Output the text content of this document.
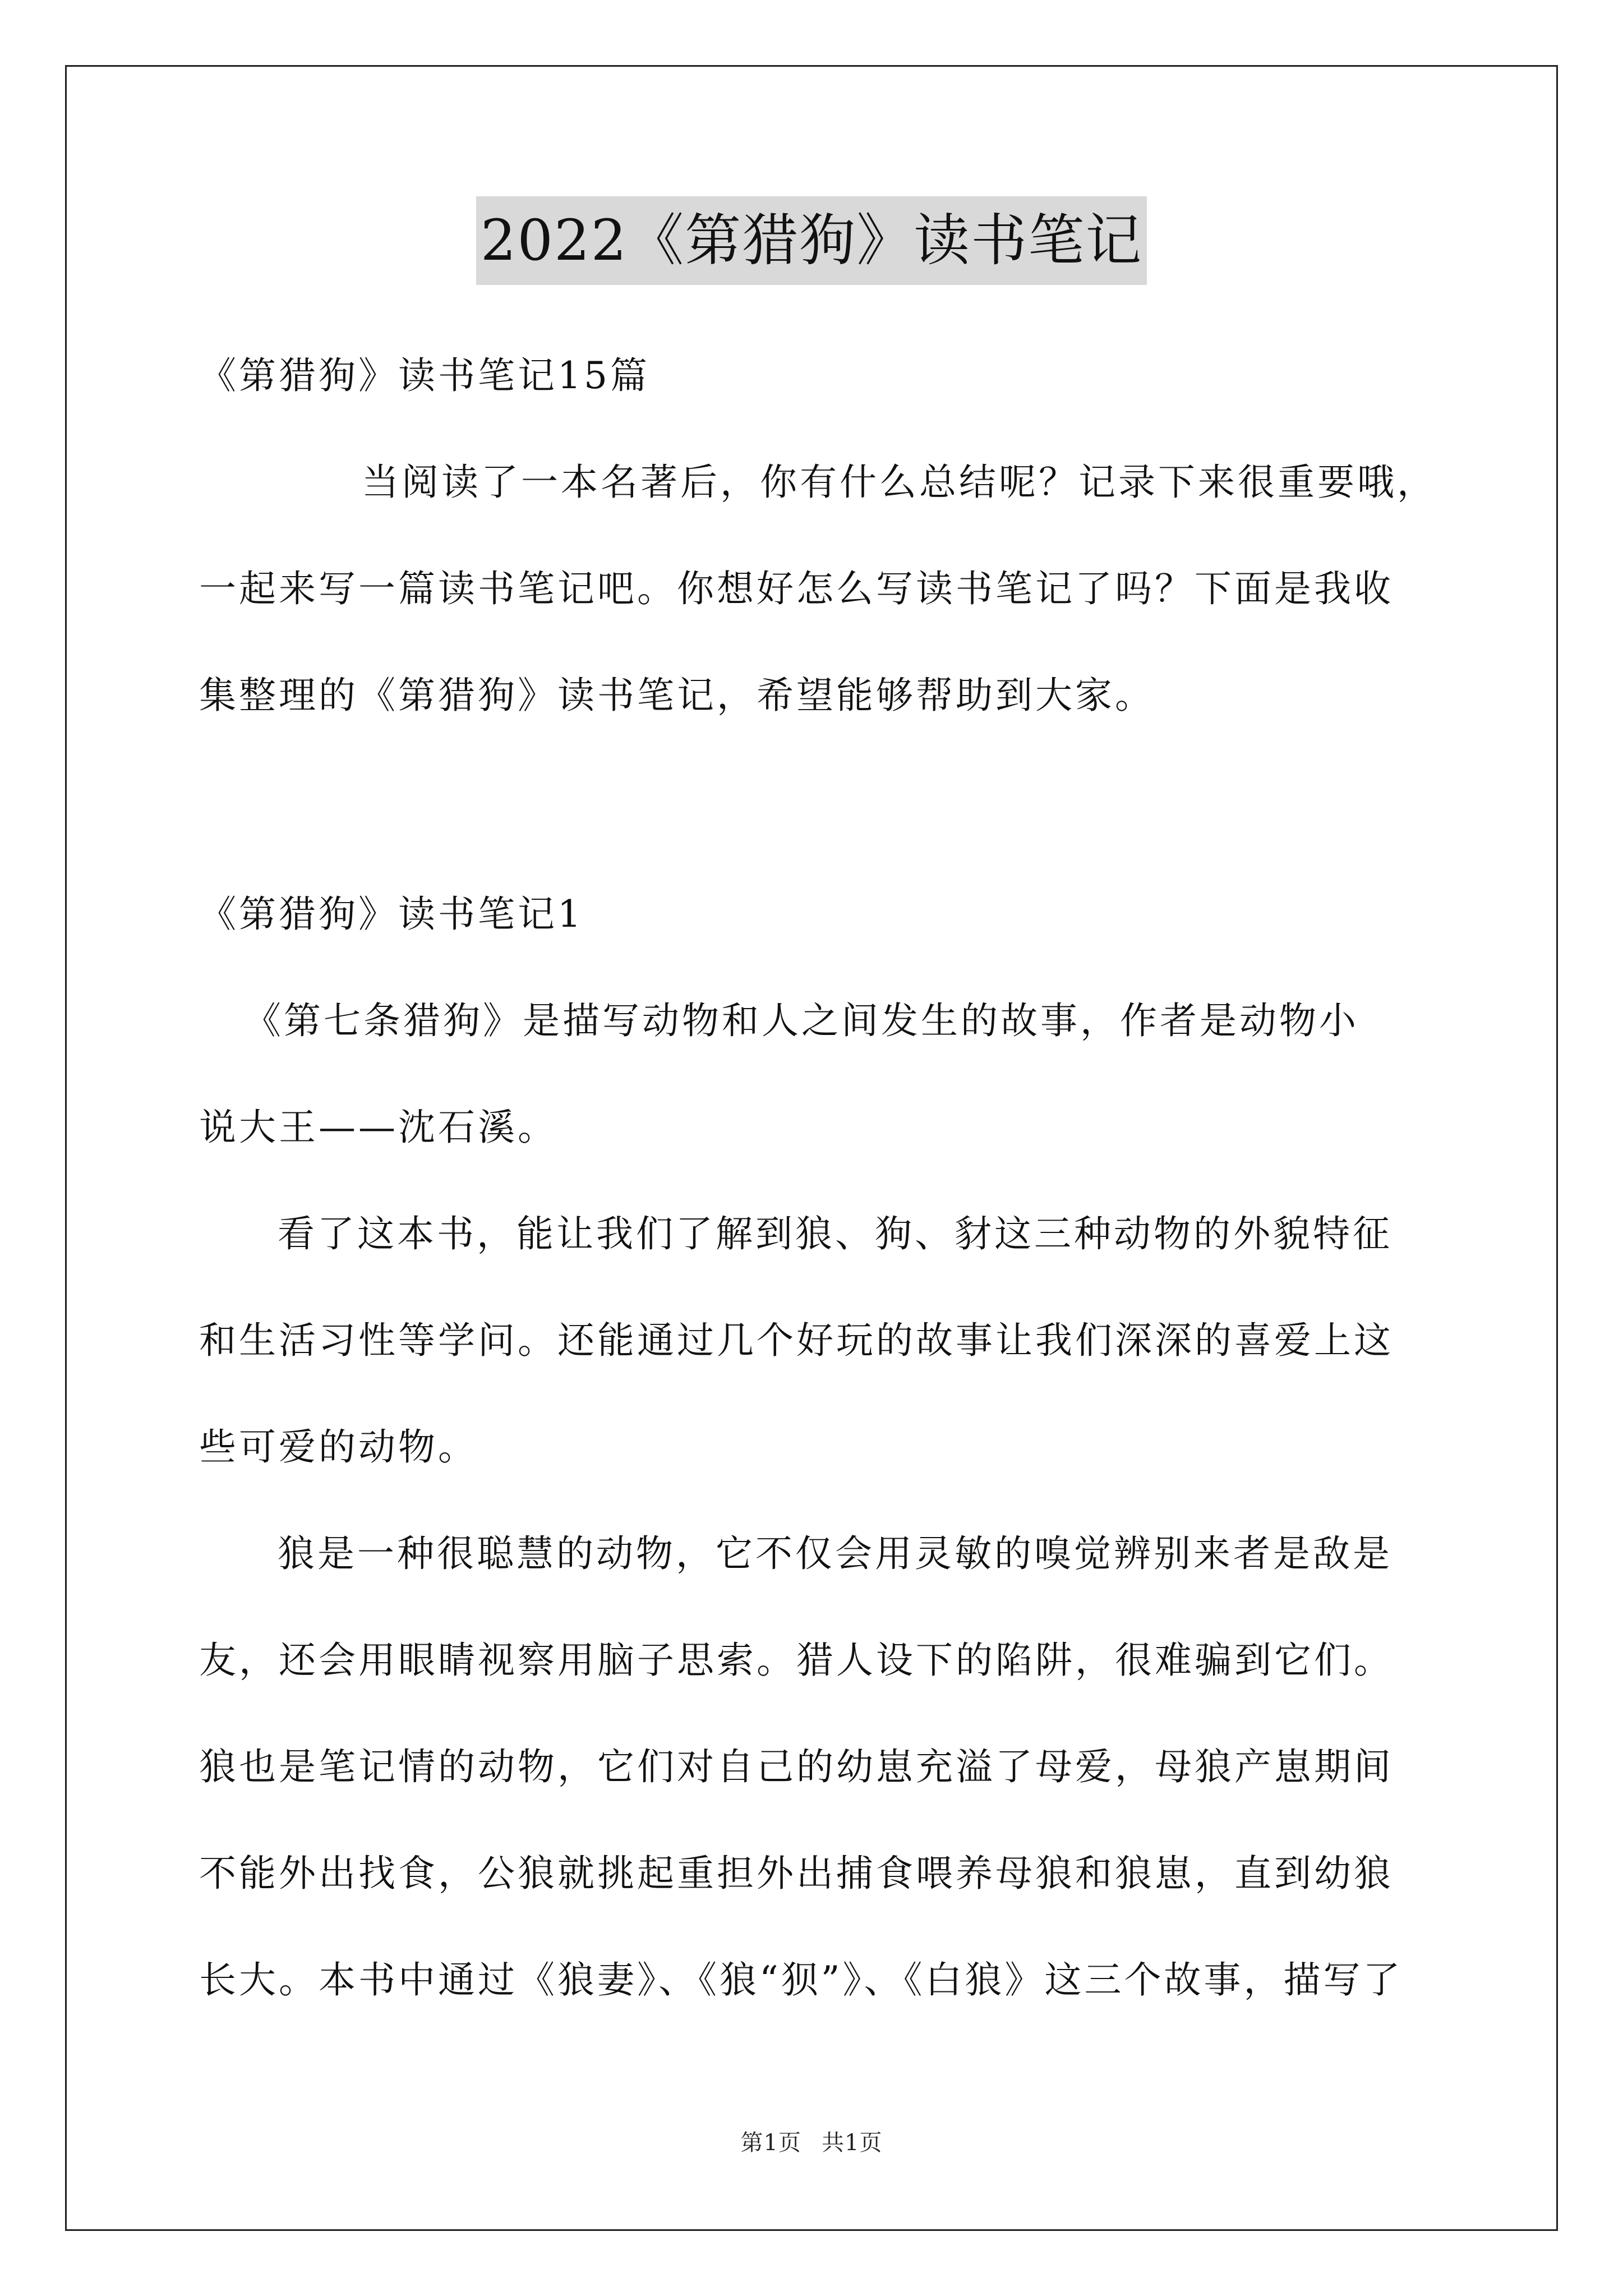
2022《第猎狗》读书笔记
《第猎狗》读书笔记15篇
当阅读了一本名著后，你有什么总结呢？记录下来很重要哦，
一起来写一篇读书笔记吧。你想好怎么写读书笔记了吗？下面是我收
集整理的《第猎狗》读书笔记，希望能够帮助到大家。
《第猎狗》读书笔记1
《第七条猎狗》是描写动物和人之间发生的故事，作者是动物小
说大王——沈石溪。
看了这本书，能让我们了解到狼、狗、豺这三种动物的外貌特征
和生活习性等学问。还能通过几个好玩的故事让我们深深的喜爱上这
些可爱的动物。
狼是一种很聪慧的动物，它不仅会用灵敏的嗅觉辨别来者是敌是
友，还会用眼睛视察用脑子思索。猎人设下的陷阱，很难骗到它们。
狼也是笔记情的动物，它们对自己的幼崽充溢了母爱，母狼产崽期间
不能外出找食，公狼就挑起重担外出捕食喂养母狼和狼崽，直到幼狼
长大。本书中通过《狼妻》、《狼“狈”》、《白狼》这三个故事，描写了
第1页 共1页
